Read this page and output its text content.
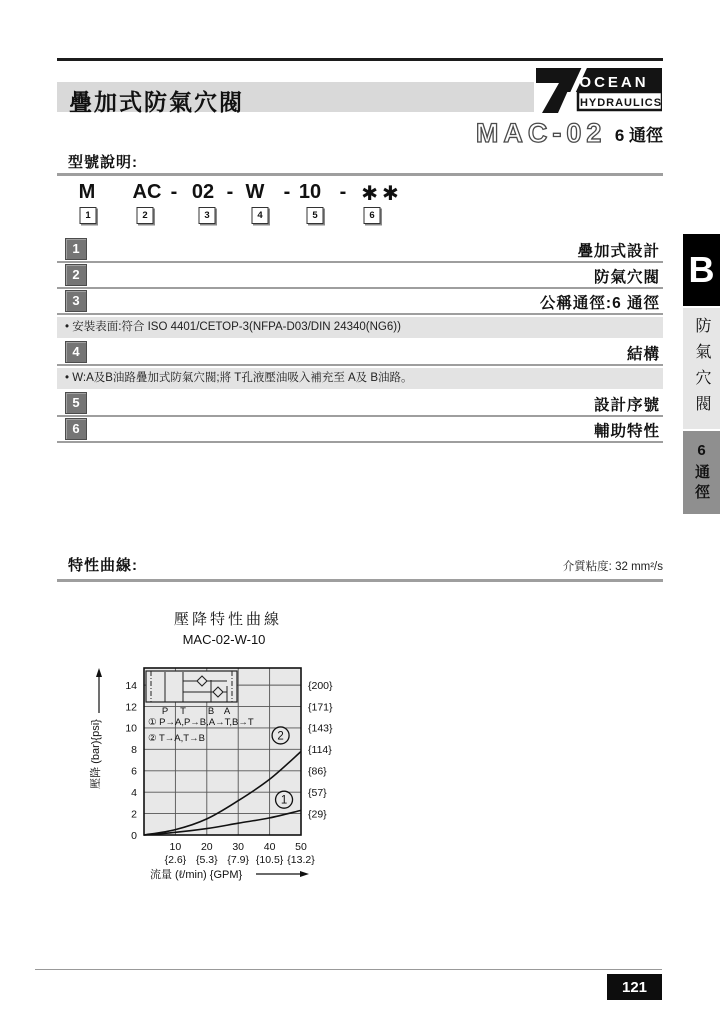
疊加式防氣穴閥
OCEAN
HYDRAULICS
MAC-02 6 通徑
型號說明:
M AC - 02 - W - 10 - ✱✱
1	2	3	4	5	6
1	疊加式設計
2	防氣穴閥
3	公稱通徑:6 通徑
• 安裝表面:符合 ISO 4401/CETOP-3(NFPA-D03/DIN 24340(NG6))
4	結構
• W:A及B油路疊加式防氣穴閥;將 T孔液壓油吸入補充至 A及 B油路。
5	設計序號
6	輔助特性
B
防氣穴閥
6通徑
特性曲線:	介質粘度: 32 mm²/s
壓降特性曲線
MAC-02-W-10
0
2	{29}
4	{57}
6	{86}
8	{114}
10	{143}
12	{171}
14	{200}
10
{2.6}
20
{5.3}
30
{7.9}
40
{10.5}
50
{13.2}
流量 (ℓ/min) {GPM}
壓降 (bar){psi}	2
1
P T B A
① P→A,P→B,A→T,B→T
② T→A,T→B
121
